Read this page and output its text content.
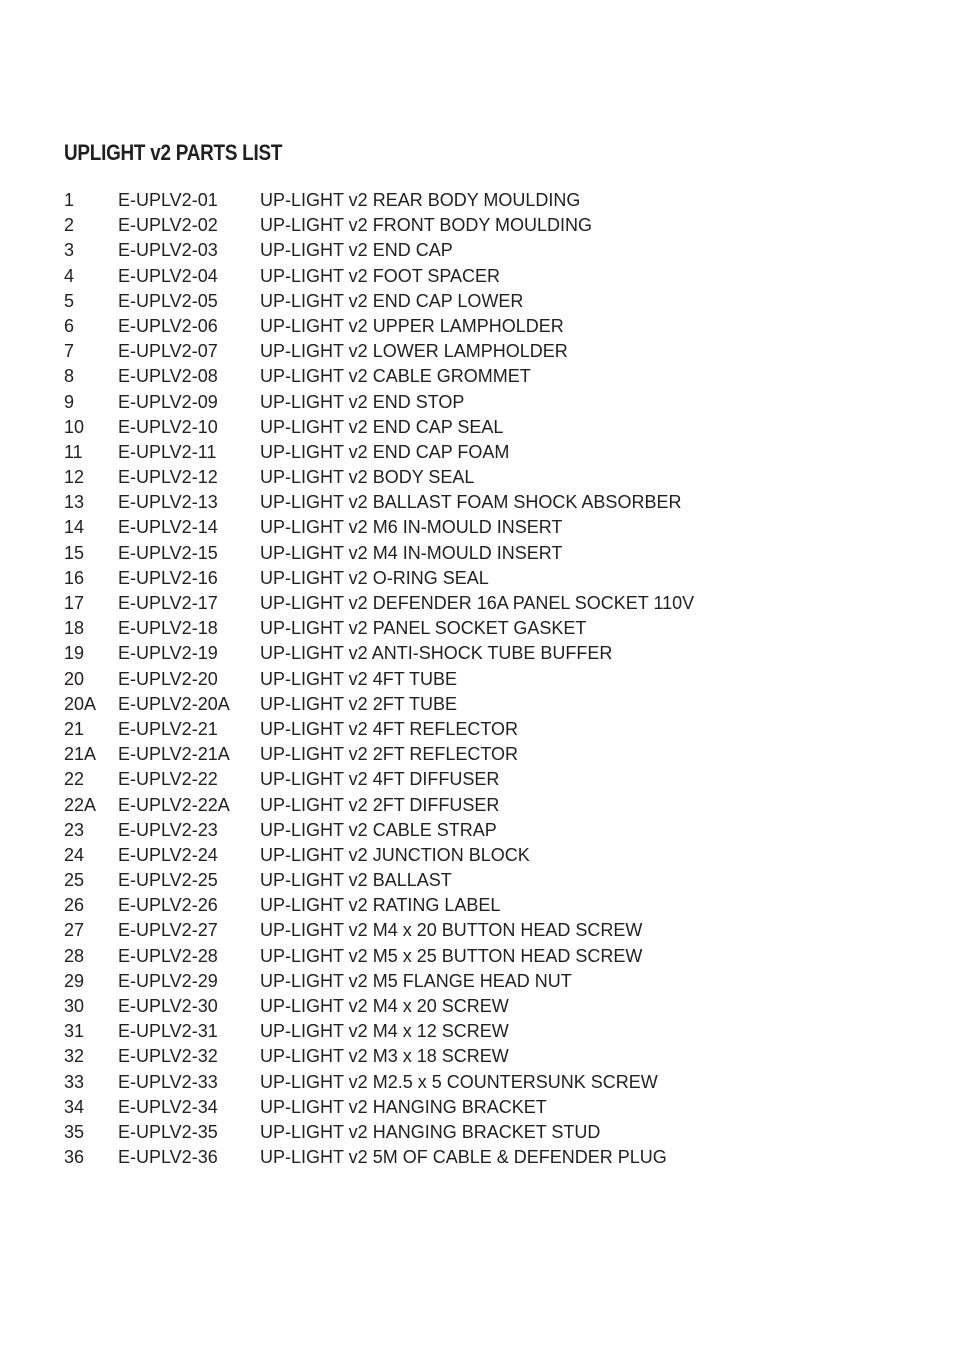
UPLIGHT v2 PARTS LIST
1	E-UPLV2-01	UP-LIGHT v2 REAR BODY MOULDING
2	E-UPLV2-02	UP-LIGHT v2 FRONT BODY MOULDING
3	E-UPLV2-03	UP-LIGHT v2 END CAP
4	E-UPLV2-04	UP-LIGHT v2 FOOT SPACER
5	E-UPLV2-05	UP-LIGHT v2 END CAP LOWER
6	E-UPLV2-06	UP-LIGHT v2 UPPER LAMPHOLDER
7	E-UPLV2-07	UP-LIGHT v2 LOWER LAMPHOLDER
8	E-UPLV2-08	UP-LIGHT v2 CABLE GROMMET
9	E-UPLV2-09	UP-LIGHT v2 END STOP
10	E-UPLV2-10	UP-LIGHT v2 END CAP SEAL
11	E-UPLV2-11	UP-LIGHT v2 END CAP FOAM
12	E-UPLV2-12	UP-LIGHT v2 BODY SEAL
13	E-UPLV2-13	UP-LIGHT v2 BALLAST FOAM SHOCK ABSORBER
14	E-UPLV2-14	UP-LIGHT v2 M6 IN-MOULD INSERT
15	E-UPLV2-15	UP-LIGHT v2 M4 IN-MOULD INSERT
16	E-UPLV2-16	UP-LIGHT v2 O-RING SEAL
17	E-UPLV2-17	UP-LIGHT v2 DEFENDER 16A PANEL SOCKET 110V
18	E-UPLV2-18	UP-LIGHT v2 PANEL SOCKET GASKET
19	E-UPLV2-19	UP-LIGHT v2 ANTI-SHOCK TUBE BUFFER
20	E-UPLV2-20	UP-LIGHT v2 4FT TUBE
20A	E-UPLV2-20A	UP-LIGHT v2 2FT TUBE
21	E-UPLV2-21	UP-LIGHT v2 4FT REFLECTOR
21A	E-UPLV2-21A	UP-LIGHT v2 2FT REFLECTOR
22	E-UPLV2-22	UP-LIGHT v2 4FT DIFFUSER
22A	E-UPLV2-22A	UP-LIGHT v2 2FT DIFFUSER
23	E-UPLV2-23	UP-LIGHT v2 CABLE STRAP
24	E-UPLV2-24	UP-LIGHT v2 JUNCTION BLOCK
25	E-UPLV2-25	UP-LIGHT v2 BALLAST
26	E-UPLV2-26	UP-LIGHT v2 RATING LABEL
27	E-UPLV2-27	UP-LIGHT v2 M4 x 20 BUTTON HEAD SCREW
28	E-UPLV2-28	UP-LIGHT v2 M5 x 25 BUTTON HEAD SCREW
29	E-UPLV2-29	UP-LIGHT v2 M5 FLANGE HEAD NUT
30	E-UPLV2-30	UP-LIGHT v2 M4 x 20 SCREW
31	E-UPLV2-31	UP-LIGHT v2 M4 x 12 SCREW
32	E-UPLV2-32	UP-LIGHT v2 M3 x 18 SCREW
33	E-UPLV2-33	UP-LIGHT v2 M2.5 x 5 COUNTERSUNK SCREW
34	E-UPLV2-34	UP-LIGHT v2 HANGING BRACKET
35	E-UPLV2-35	UP-LIGHT v2 HANGING BRACKET STUD
36	E-UPLV2-36	UP-LIGHT v2 5M OF CABLE & DEFENDER PLUG
